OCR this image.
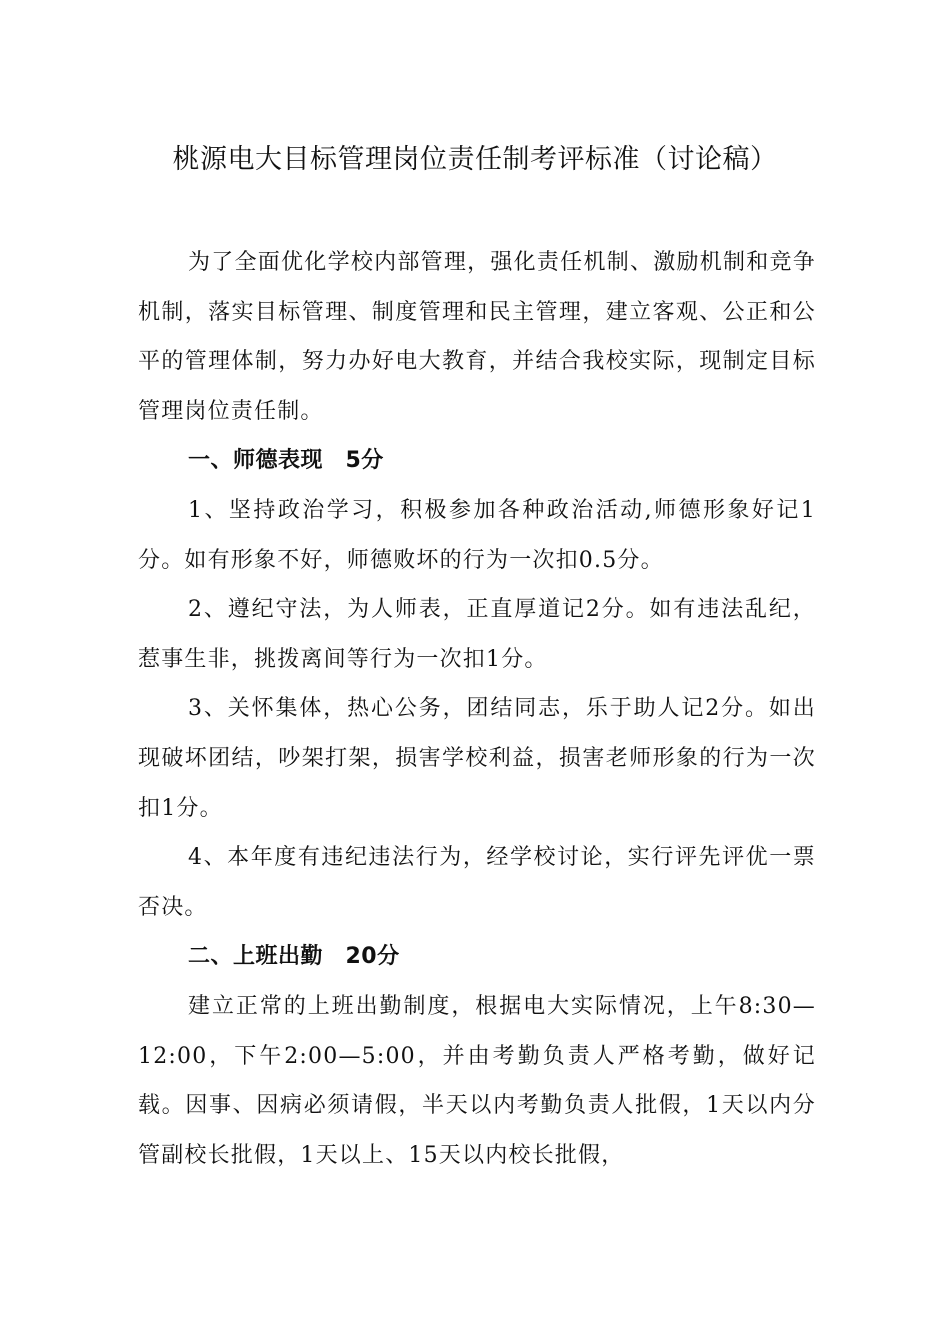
桃源电大目标管理岗位责任制考评标准（讨论稿）

为了全面优化学校内部管理，强化责任机制、激励机制和竞争机制，落实目标管理、制度管理和民主管理，建立客观、公正和公平的管理体制，努力办好电大教育，并结合我校实际，现制定目标管理岗位责任制。

一、师德表现　5分

1、坚持政治学习，积极参加各种政治活动,师德形象好记1分。如有形象不好，师德败坏的行为一次扣0.5分。

2、遵纪守法，为人师表，正直厚道记2分。如有违法乱纪，惹事生非，挑拨离间等行为一次扣1分。

3、关怀集体，热心公务，团结同志，乐于助人记2分。如出现破坏团结，吵架打架，损害学校利益，损害老师形象的行为一次扣1分。

4、本年度有违纪违法行为，经学校讨论，实行评先评优一票否决。

二、上班出勤　20分

建立正常的上班出勤制度，根据电大实际情况，上午8:30—12:00，下午2:00—5:00，并由考勤负责人严格考勤，做好记载。因事、因病必须请假，半天以内考勤负责人批假，1天以内分管副校长批假，1天以上、15天以内校长批假，
